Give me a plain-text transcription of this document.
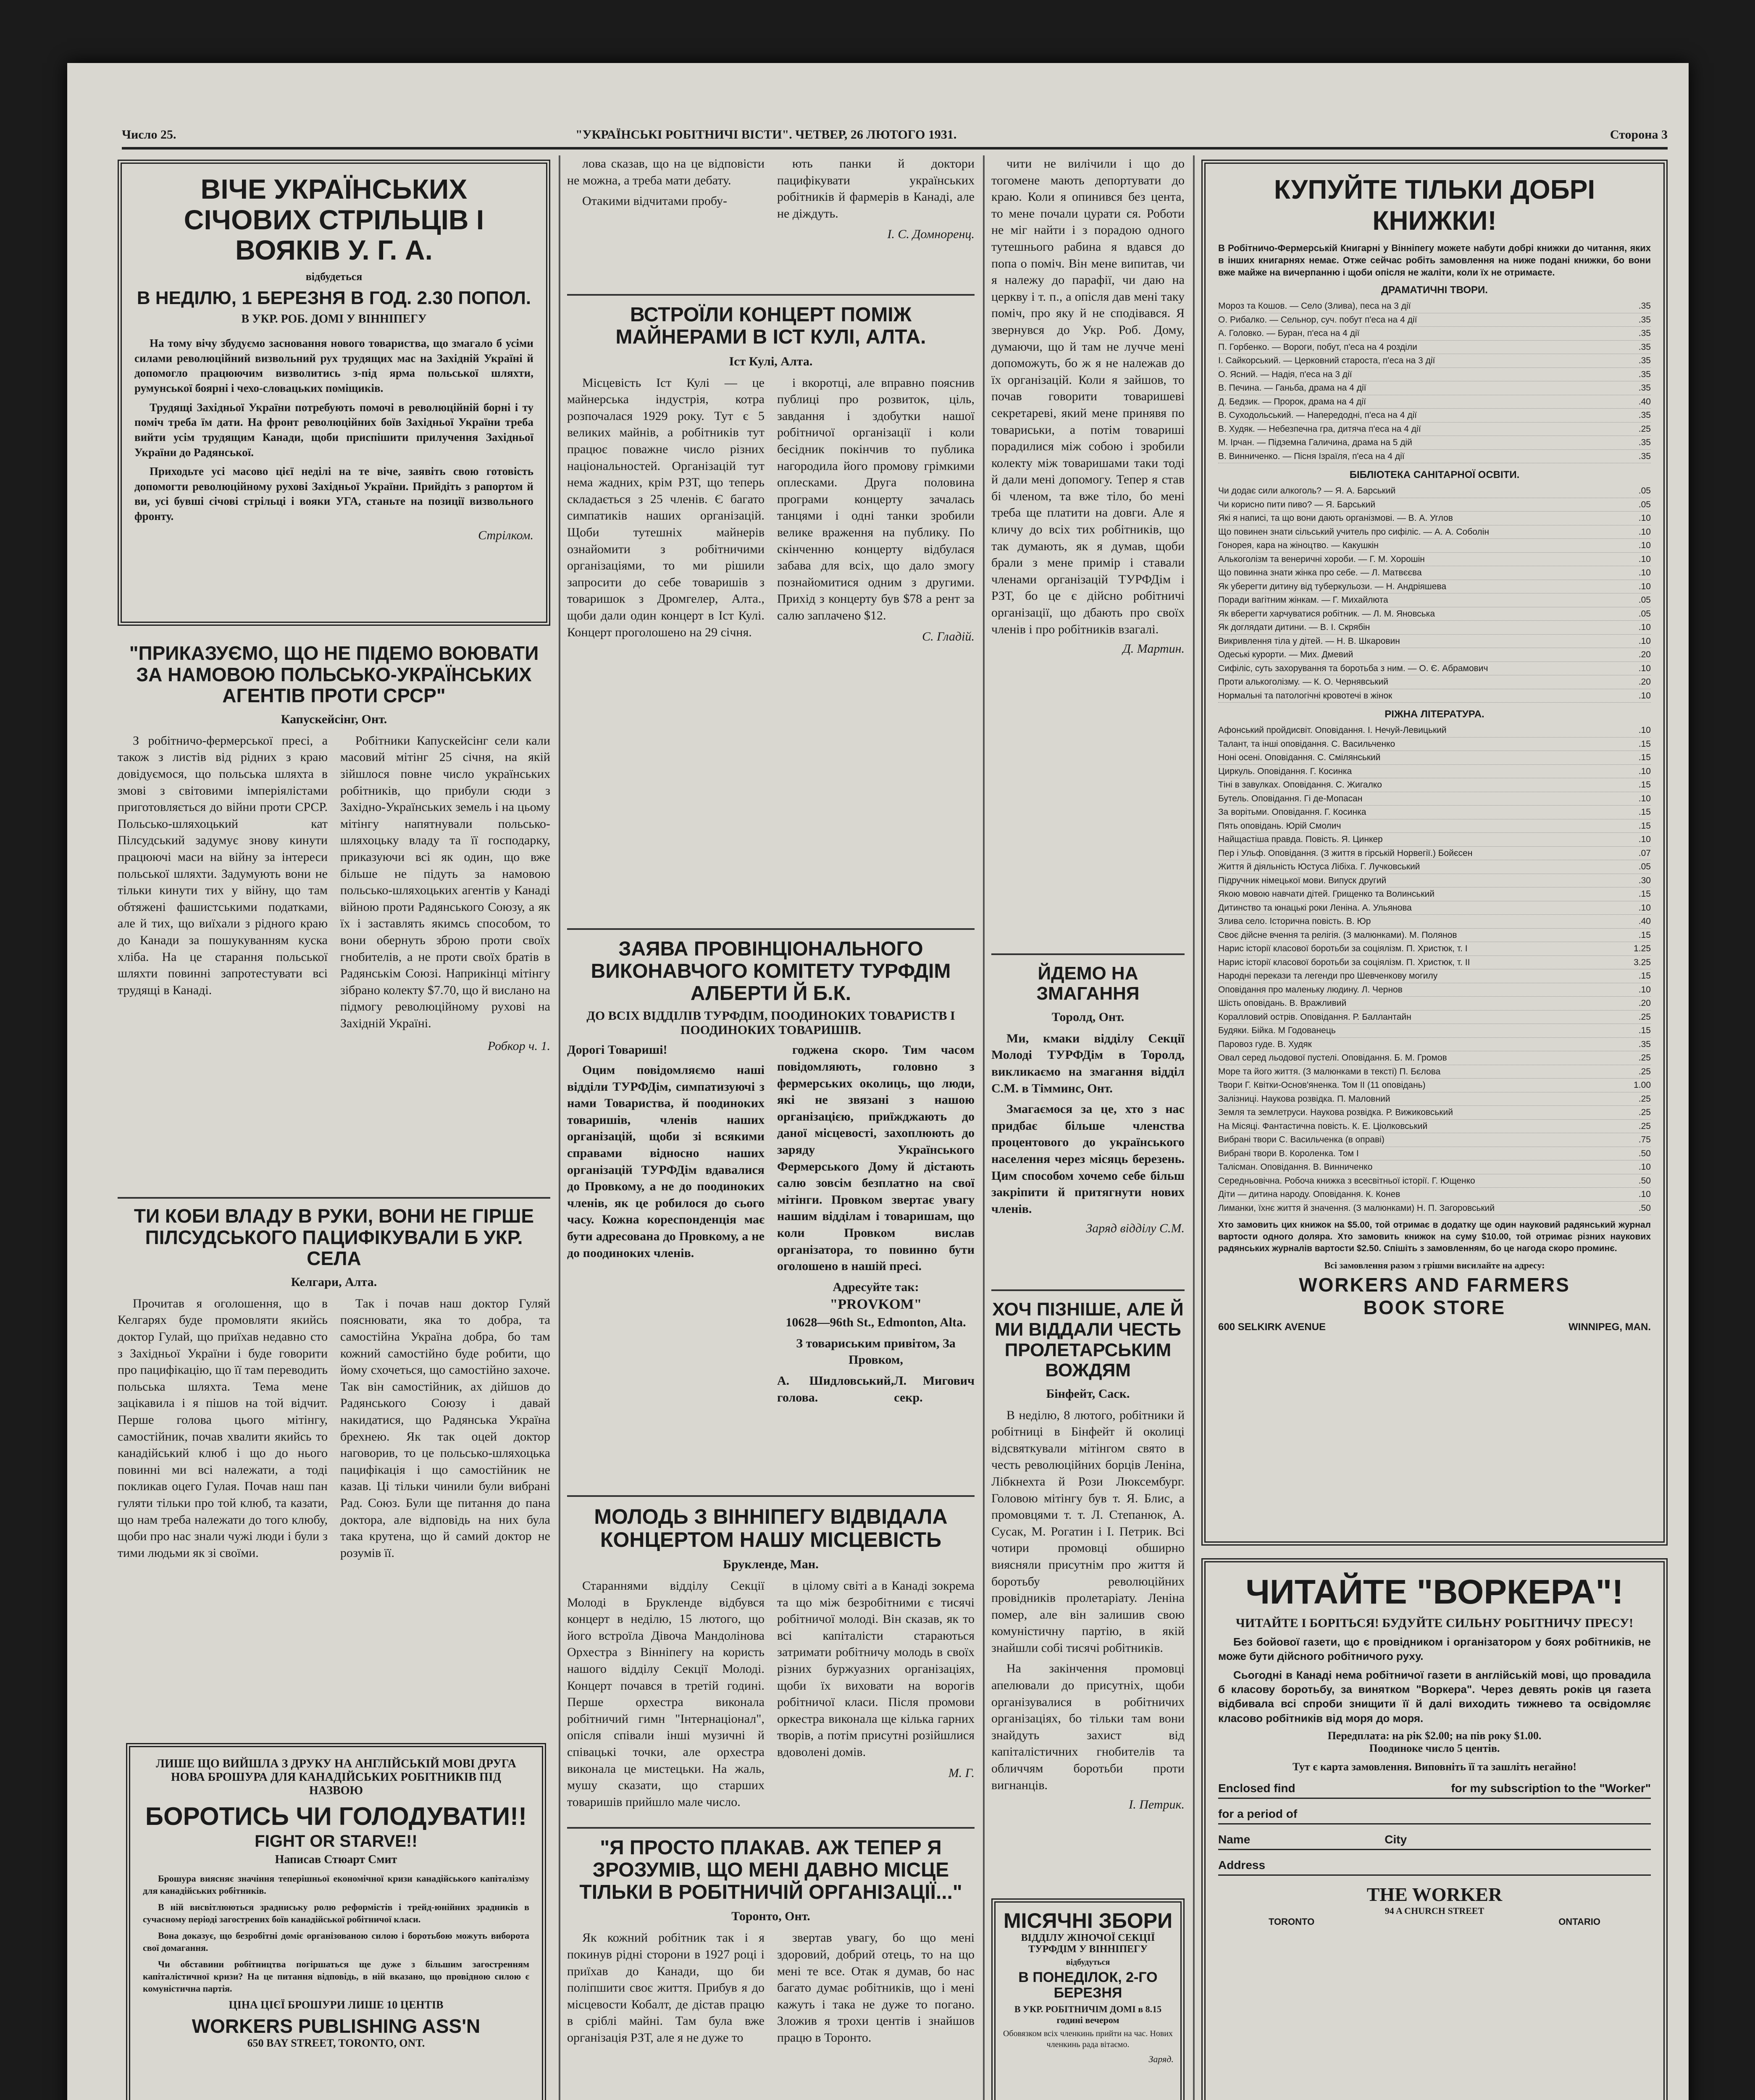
Число 25.	"УКРАЇНСЬКІ РОБІТНИЧІ ВІСТИ". ЧЕТВЕР, 26 ЛЮТОГО 1931.	Сторона 3
ВІЧЕ УКРАЇНСЬКИХ СІЧОВИХ СТРІЛЬЦІВ І ВОЯКІВ У. Г. А.
відбудеться
В НЕДІЛЮ, 1 БЕРЕЗНЯ В ГОД. 2.30 ПОПОЛ.
В УКР. РОБ. ДОМІ У ВІННІПЕГУ

На тому вічу збудуємо засновання нового товариства, що змагало б усіми силами революційний визвольний рух трудящих мас на Західній Україні й допомогло працюючим визволитись з-під ярма польської шляхти, румунської боярні і чехо-словацьких поміщиків.

Трудящі Західньої України потребують помочі в революційній борні і ту поміч треба їм дати. На фронт революційних боїв Західньої України треба вийти усім трудящим Канади, щоби приспішити прилучення Західньої України до Радянської.

Приходьте усі масово цієї неділі на те віче, заявіть свою готовість допомогти революційному рухові Західньої України. Прийдіть з рапортом й ви, усі бувші січові стрільці і вояки УГА, станьте на позиції визвольного фронту.

Стрілком.
"ПРИКАЗУЄМО, ЩО НЕ ПІДЕМО ВОЮВАТИ ЗА НАМОВОЮ ПОЛЬСЬКО-УКРАЇНСЬКИХ АГЕНТІВ ПРОТИ СРСР"
Капускейсінг, Онт.

З робітничо-фермерської пресі, а також з листів від рідних з краю довідуємося, що польська шляхта в змові з світовими імперіялістами приготовляється до війни проти СРСР. Польсько-шляхоцький кат Пілсудський задумує знову кинути працюючі маси на війну за інтереси польської шляхти. Задумують вони не тільки кинути тих у війну, що там обтяжені фашистськими податками, але й тих, що виїхали з рідного краю до Канади за пошукуванням куска хліба. На це старання польської шляхти повинні запротестувати всі трудящі в Канаді.

Робітники Капускейсінг сели кали масовий мітінг 25 січня, на якій зійшлося повне число українських робітників, що прибули сюди з Західно-Українських земель і на цьому мітінгу напятнували польсько-шляхоцьку владу та її господарку, приказуючи всі як один, що вже більше не підуть за намовою польсько-шляхоцьких агентів у Канаді війною проти Радянського Союзу, а як їх і заставлять якимсь способом, то вони обернуть зброю проти своїх гнобителів, а не проти своїх братів в Радянськім Союзі. Наприкінці мітінгу зібрано колекту $7.70, що й вислано на підмогу революційному рухові на Західній Україні.

Робкор ч. 1.
ТИ КОБИ ВЛАДУ В РУКИ, ВОНИ НЕ ГІРШЕ ПІЛСУДСЬКОГО ПАЦИФІКУВАЛИ Б УКР. СЕЛА
Келгари, Алта.

Прочитав я оголошення, що в Келгарях буде промовляти якийсь доктор Гулай, що приїхав недавно сто з Західньої України і буде говорити про пацифікацію, що її там переводить польська шляхта. Тема мене зацікавила і я пішов на той відчит. Перше голова цього мітінгу, самостійник, почав хвалити якийсь то канадійський клюб і що до нього повинні ми всі належати, а тоді покликав оцего Гулая. Почав наш пан гуляти тільки про той клюб, та казати, що нам треба належати до того клюбу, щоби про нас знали чужі люди і були з тими людьми як зі своїми.

Так і почав наш доктор Гуляй пояснювати, яка то добра, та самостійна Україна добра, бо там кожний самостійно буде робити, що йому схочеться, що самостійно захоче. Так він самостійник, ах дійшов до Радянського Союзу і давай накидатися, що Радянська Україна брехнею. Як так оцей доктор наговорив, то це польсько-шляхоцька пацифікація і що самостійник не казав. Ці тільки чинили були вибрані Рад. Союз. Були ще питання до пана доктора, але відповідь на них була така крутена, що й самий доктор не розумів її.

ЛИШЕ ЩО ВИЙШЛА З ДРУКУ НА АНГЛІЙСЬКІЙ МОВІ ДРУГА НОВА БРОШУРА ДЛЯ КАНАДІЙСЬКИХ РОБІТНИКІВ ПІД НАЗВОЮ
БОРОТИСЬ ЧИ ГОЛОДУВАТИ!!
FIGHT OR STARVE!!
Написав Стюарт Смит

Брошура виясняє значіння теперішньої економічної кризи канадійського капіталізму для канадійських робітників.

В ній висвітлюються зрадниську ролю реформістів і трейд-юнійних зрадників в сучасному періоді загострених боїв канадійської робітничої класи.

Вона доказує, що безробітні доміє організованою силою і боротьбою можуть виборота свої домагання.

Чи обставини робітництва погіршаться ще дуже з більшим загостренням капіталістичної кризи? На це питання відповідь, в ній вказано, що провідною силою є комуністична партія.

ЦІНА ЦІЄЇ БРОШУРИ ЛИШЕ 10 ЦЕНТІВ
WORKERS PUBLISHING ASS'N
650 BAY STREET, TORONTO, ONT.

лова сказав, що на це відповісти не можна, а треба мати дебату.

Отакими відчитами пробу-

ють панки й доктори пацифікувати українських робітників й фармерів в Канаді, але не діждуть.

І. С. Домноренц.
ВСТРОЇЛИ КОНЦЕРТ ПОМІЖ МАЙНЕРАМИ В ІСТ КУЛІ, АЛТА.
Іст Кулі, Алта.

Місцевість Іст Кулі — це майнерська індустрія, котра розпочалася 1929 року. Тут є 5 великих майнів, а робітників тут працює поважне число різних національностей. Організацій тут нема жадних, крім РЗТ, що теперь складається з 25 членів. Є багато симпатиків наших організацій. Щоби тутешніх майнерів ознайомити з робітничими організаціями, то ми рішили запросити до себе товаришів з товаришок з Дромгелер, Алта., щоби дали один концерт в Іст Кулі. Концерт проголошено на 29 січня.

і вкоротці, але вправно пояснив публиці про розвиток, ціль, завдання і здобутки нашої робітничої організації і коли бесідник покінчив то публика нагородила його промову грімкими оплесками. Друга половина програми концерту зачалась танцями і одні танки зробили велике враження на публику. По скінченню концерту відбулася забава для всіх, що дало змогу познайомитися одним з другими. Прихід з концерту був $78 а рент за салю заплачено $12.

С. Гладій.
ЗАЯВА ПРОВІНЦІОНАЛЬНОГО ВИКОНАВЧОГО КОМІТЕТУ ТУРФДІМ АЛБЕРТИ Й Б.К.
ДО ВСІХ ВІДДІЛІВ ТУРФДІМ, ПООДИНОКИХ ТОВАРИСТВ І ПООДИНОКИХ ТОВАРИШІВ.
Дорогі Товариші!

Оцим повідомляємо наші відділи ТУРФДім, симпатизуючі з нами Товариства, й поодиноких товаришів, членів наших організацій, щоби зі всякими справами відносно наших організацій ТУРФДім вдавалися до Провкому, а не до поодиноких членів, як це робилося до сього часу. Кожна кореспонденція має бути адресована до Провкому, а не до поодиноких членів.

годжена скоро. Тим часом повідомляють, головно з фермерських околиць, що люди, які не звязані з нашою організацією, приїжджають до даної місцевості, захоплюють до заряду Українського Фермерського Дому й дістають салю зовсім безплатно на свої мітінги. Провком звертає увагу нашим відділам і товаришам, що коли Провком вислав організатора, то повинно бути оголошено в нашій пресі.

Адресуйте так:
"PROVKOM"
10628—96th St., Edmonton, Alta.
З товариським привітом, За Провком,
А. Шидловський, голова.
Л. Мигович секр.
МОЛОДЬ З ВІННІПЕГУ ВІДВІДАЛА КОНЦЕРТОМ НАШУ МІСЦЕВІСТЬ
Брукленде, Ман.

Стараннями відділу Секції Молоді в Брукленде відбувся концерт в неділю, 15 лютого, що його встроїла Дівоча Мандолінова Орхестра з Вінніпегу на користь нашого відділу Секції Молоді. Концерт почався в третій годині. Перше орхестра виконала робітничий гимн "Інтернаціонал", опісля співали інші музичні й співацькі точки, але орхестра виконала це мистецьки. На жаль, мушу сказати, що старших товаришів прийшло мале число.

в цілому світі а в Канаді зокрема та що між безробітними є тисячі робітничої молоді. Він сказав, як то всі капіталісти стараються затримати робітничу молодь в своїх різних буржуазних організаціях, щоби їх виховати на ворогів робітничої класи. Після промови оркестра виконала ще кілька гарних творів, а потім присутні розійшлися вдоволені домів.

М. Г.
"Я ПРОСТО ПЛАКАВ. АЖ ТЕПЕР Я ЗРОЗУМІВ, ЩО МЕНІ ДАВНО МІСЦЕ ТІЛЬКИ В РОБІТНИЧІЙ ОРГАНІЗАЦІЇ..."
Торонто, Онт.

Як кожний робітник так і я покинув рідні сторони в 1927 році і приїхав до Канади, що би поліпшити своє життя. Прибув я до місцевости Кобалт, де дістав працю в сріблі майні. Там була вже організація РЗТ, але я не дуже то

звертав увагу, бо що мені здоровий, добрий отець, то на що мені те все. Отак я думав, бо нас багато думає робітників, що і мені кажуть і така не дуже то погано. Зложив я трохи центів і знайшов працю в Торонто.

чити не вилічили і що до тогомене мають депортувати до краю. Коли я опинився без цента, то мене почали цурати ся. Роботи не міг найти і з порадою одного тутешнього рабина я вдався до попа о поміч. Він мене випитав, чи я належу до парафії, чи даю на церкву і т. п., а опісля дав мені таку поміч, про яку й не сподівався. Я звернувся до Укр. Роб. Дому, думаючи, що й там не лучче мені допоможуть, бо ж я не належав до їх організацій. Коли я зайшов, то почав говорити товаришеві секретареві, який мене принявя по товариськи, а потім товариші порадилися між собою і зробили колекту між товаришами таки тоді й дали мені допомогу. Тепер я став бі членом, та вже тіло, бо мені треба ще платити на довги. Але я кличу до всіх тих робітників, що так думають, як я думав, щоби брали з мене примір і ставали членами організацій ТУРФДім і РЗТ, бо це є дійсно робітничі організації, що дбають про своїх членів і про робітників взагалі.

Д. Мартин.
ЙДЕМО НА ЗМАГАННЯ
Торолд, Онт.

Ми, кмаки відділу Секції Молоді ТУРФДім в Торолд, викликаємо на змагання відділ С.М. в Тімминс, Онт.

Змагаємося за це, хто з нас придбає більше членства процентового до українського населення через місяць березень. Цим способом хочемо себе більш закріпити й притягнути нових членів.

Заряд відділу С.М.
ХОЧ ПІЗНІШЕ, АЛЕ Й МИ ВІДДАЛИ ЧЕСТЬ ПРОЛЕТАРСЬКИМ ВОЖДЯМ
Бінфейт, Саск.

В неділю, 8 лютого, робітники й робітниці в Бінфейт й околиці відсвяткували мітінгом свято в честь революційних борців Леніна, Лібкнехта й Рози Люксембург. Головою мітінгу був т. Я. Блис, а промовцями т. т. Л. Степанюк, А. Сусак, М. Рогатин і І. Петрик. Всі чотири промовці обширно виясняли присутнім про життя й боротьбу революційних провідників пролетаріату. Леніна помер, але він залишив свою комуністичну партію, в якій знайшли собі тисячі робітників.

На закінчення промовці апелювали до присутніх, щоби організувалися в робітничих організаціях, бо тільки там вони знайдуть захист від капіталістичних гнобителів та обличчям боротьби проти вигнанців.

І. Петрик.
МІСЯЧНІ ЗБОРИ
ВІДДІЛУ ЖІНОЧОЇ СЕКЦІЇ ТУРФДІМ У ВІННІПЕГУ
відбудуться
В ПОНЕДІЛОК, 2-ГО БЕРЕЗНЯ
В УКР. РОБІТНИЧІМ ДОМІ в 8.15 годині вечером
Обовязком всіх членкинь прийти на час. Нових членкинь рада вітаємо.
Заряд.
КУПУЙТЕ ТІЛЬКИ ДОБРІ КНИЖКИ!
В Робітничо-Фермерській Книгарні у Вінніпегу можете набути добрі книжки до читання, яких в інших книгарнях немає. Отже сейчас робіть замовлення на ниже подані книжки, бо вони вже майже на вичерпанню і щоби опісля не жаліти, коли їх не отримаєте.
ДРАМАТИЧНІ ТВОРИ.
Мороз та Кошов. — Село (Злива), пеca на 3 дії	.35
О. Рибалко. — Сельнор, суч. побут п'еса на 4 дії	.35
А. Головко. — Буран, п'еса на 4 дії	.35
П. Горбенко. — Вороги, побут, п'еса на 4 розділи	.35
І. Сайкорський. — Церковний староста, п'еса на 3 дії	.35
О. Ясний. — Надія, п'еса на 3 дії	.35
В. Печина. — Ганьба, драма на 4 дії	.35
Д. Бедзик. — Пророк, драма на 4 дії	.40
В. Суходольський. — Напередодні, п'еса на 4 дії	.35
В. Худяк. — Небезпечна гра, дитяча п'еса на 4 дії	.25
М. Ірчан. — Підземна Галичина, драма на 5 дій	.35
В. Винниченко. — Пісня Ізраїля, п'еса на 4 дії	.35
БІБЛІОТЕКА САНІТАРНОЇ ОСВІТИ.
Чи додає сили алкоголь? — Я. А. Барський	.05
Чи корисно пити пиво? — Я. Барський	.05
Які я написі, та що вони дають організмові. — В. А. Углов	.10
Що повинен знати сільський учитель про сифіліс. — А. А. Соболін	.10
Гонорея, кара на жіноцтво. — Какушкін	.10
Алькоголізм та венеричні хороби. — Г. М. Хорошін	.10
Що повинна знати жінка про себе. — Л. Матвєєва	.10
Як уберегти дитину від туберкульози. — Н. Андріяшева	.10
Поради вагітним жінкам. — Г. Михайлюта	.05
Як вберегти харчуватися робітник. — Л. М. Яновська	.05
Як доглядати дитини. — В. І. Скрябін	.10
Викривлення тіла у дітей. — Н. В. Шкаровин	.10
Одеські курорти. — Мих. Дмевий	.20
Сифіліс, суть захорування та боротьба з ним. — О. Є. Абрамович	.10
Проти алькоголізму. — К. О. Чернявський	.20
Нормальні та патологічні кровотечі в жінок	.10
РІЖНА ЛІТЕРАТУРА.
Афонський пройдисвіт. Оповідання. І. Нечуй-Левицький	.10
Талант, та інші оповідання. С. Васильченко	.15
Ноні осені. Оповідання. С. Смілянський	.15
Циркуль. Оповідання. Г. Косинка	.10
Тіні в завулках. Оповідання. С. Жигалко	.15
Бутель. Оповідання. Гі де-Мопасан	.10
За ворітьми. Оповідання. Г. Косинка	.15
Пять оповідань. Юрій Смолич	.15
Найщастіша правда. Повість. Я. Цинкер	.10
Пер і Ульф. Оповідання. (З життя в гірській Норвегії.) Бойєсен	.07
Життя й діяльність Юстуса Лібіха. Г. Лучковський	.05
Підручник німецької мови. Випуск другий	.30
Якою мовою навчати дітей. Грищенко та Волинський	.15
Дитинство та юнацькі роки Леніна. А. Ульянова	.10
Злива село. Історична повість. В. Юр	.40
Своє дійсне вчення та релігія. (З малюнками). М. Полянов	.15
Нарис історії класової боротьби за соціялізм. П. Христюк, т. І	1.25
Нарис історії класової боротьби за соціялізм. П. Христюк, т. ІІ	3.25
Народні перекази та легенди про Шевченкову могилу	.15
Оповідання про маленьку людину. Л. Чернов	.10
Шість оповідань. В. Вражливий	.20
Коралловий острів. Оповідання. Р. Баллантайн	.25
Будяки. Бійка. М Годованець	.15
Паровоз гуде. В. Худяк	.35
Овал серед льодової пустелі. Оповідання. Б. М. Громов	.25
Море та його життя. (З малюнками в тексті) П. Бєлова	.25
Твори Г. Квітки-Основ'яненка. Том ІІ (11 оповідань)	1.00
Залізниці. Наукова розвідка. П. Маловний	.25
Земля та землетруси. Наукова розвідка. Р. Вижиковський	.25
На Місяці. Фантастична повість. К. Е. Ціолковський	.25
Вибрані твори С. Васильченка (в оправі)	.75
Вибрані твори В. Короленка. Том І	.50
Талісман. Оповідання. В. Винниченко	.10
Середньовічна. Робоча книжка з всесвітньої історії. Г. Ющенко	.50
Діти — дитина народу. Оповідання. К. Конев	.10
Лиманки, їхнє життя й значення. (З малюнками) Н. П. Загоровський	.50
Хто замовить цих книжок на $5.00, той отримає в додатку ще один науковий радянський журнал вартости одного доляра. Хто замовить книжок на суму $10.00, той отримає різних наукових радянських журналів вартости $2.50. Спішіть з замовленням, бо це нагода скоро проминє.
Всі замовлення разом з грішми висилайте на адресу:
WORKERS AND FARMERS
BOOK STORE
600 SELKIRK AVENUE	WINNIPEG, MAN.
ЧИТАЙТЕ "ВОРКЕРА"!
ЧИТАЙТЕ І БОРІТЬСЯ! БУДУЙТЕ СИЛЬНУ РОБІТНИЧУ ПРЕСУ!

Без бойової газети, що є провідником і організатором у боях робітників, не може бути дійсного робітничого руху.

Сьогодні в Канаді нема робітничої газети в англійській мові, що провадила б класову боротьбу, за винятком "Воркера". Через девять років ця газета відбивала всі спроби знищити її й далі виходить тижнево та освідомляє класово робітників від моря до моря.

Передплата: на рік $2.00; на пів року $1.00.
Поодиноке число 5 центів.
Тут є карта замовлення. Виповніть її та зашліть негайно!
Enclosed find	for my subscription to the "Worker"
for a period of
Name	City
Address
THE WORKER
94 A CHURCH STREET
TORONTO	ONTARIO
